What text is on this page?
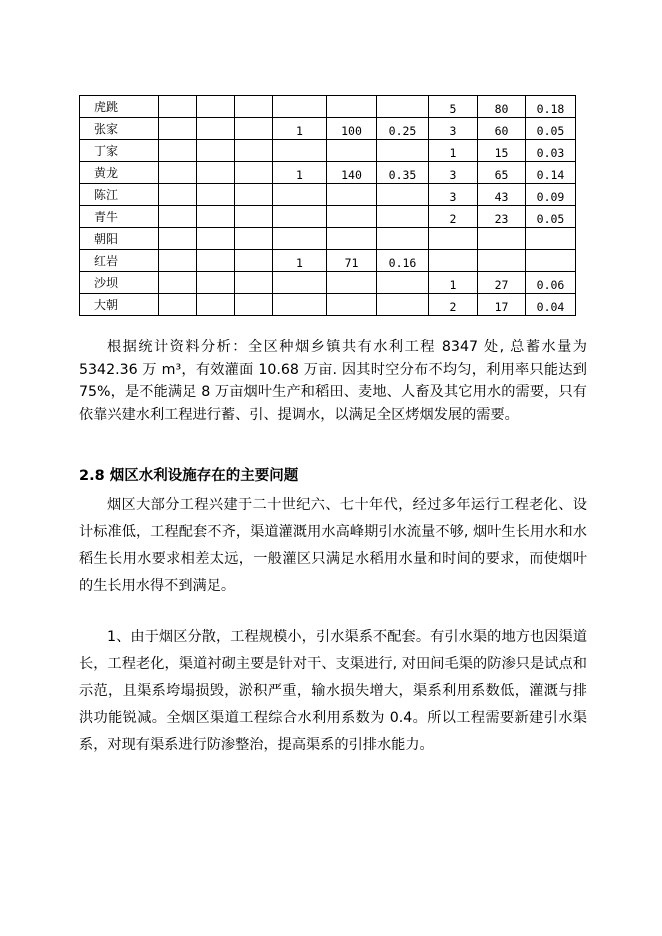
虎跳							5	80	0.18
张家				1	100	0.25	3	60	0.05
丁家							1	15	0.03
黄龙				1	140	0.35	3	65	0.14
陈江							3	43	0.09
青牛							2	23	0.05
朝阳									
红岩				1	71	0.16			
沙坝							1	27	0.06
大朝							2	17	0.04

根据统计资料分析：全区种烟乡镇共有水利工程 8347 处, 总蓄水量为 5342.36 万 m³，有效灌面 10.68 万亩. 因其时空分布不均匀，利用率只能达到 75%，是不能满足 8 万亩烟叶生产和稻田、麦地、人畜及其它用水的需要，只有依靠兴建水利工程进行蓄、引、提调水，以满足全区烤烟发展的需要。

2.8 烟区水利设施存在的主要问题

烟区大部分工程兴建于二十世纪六、七十年代，经过多年运行工程老化、设计标准低，工程配套不齐，渠道灌溉用水高峰期引水流量不够, 烟叶生长用水和水稻生长用水要求相差太远，一般灌区只满足水稻用水量和时间的要求，而使烟叶的生长用水得不到满足。

1、由于烟区分散，工程规模小，引水渠系不配套。有引水渠的地方也因渠道长，工程老化，渠道衬砌主要是针对干、支渠进行, 对田间毛渠的防渗只是试点和示范，且渠系垮塌损毁，淤积严重，输水损失增大，渠系利用系数低，灌溉与排洪功能锐减。全烟区渠道工程综合水利用系数为 0.4。所以工程需要新建引水渠系，对现有渠系进行防渗整治，提高渠系的引排水能力。
